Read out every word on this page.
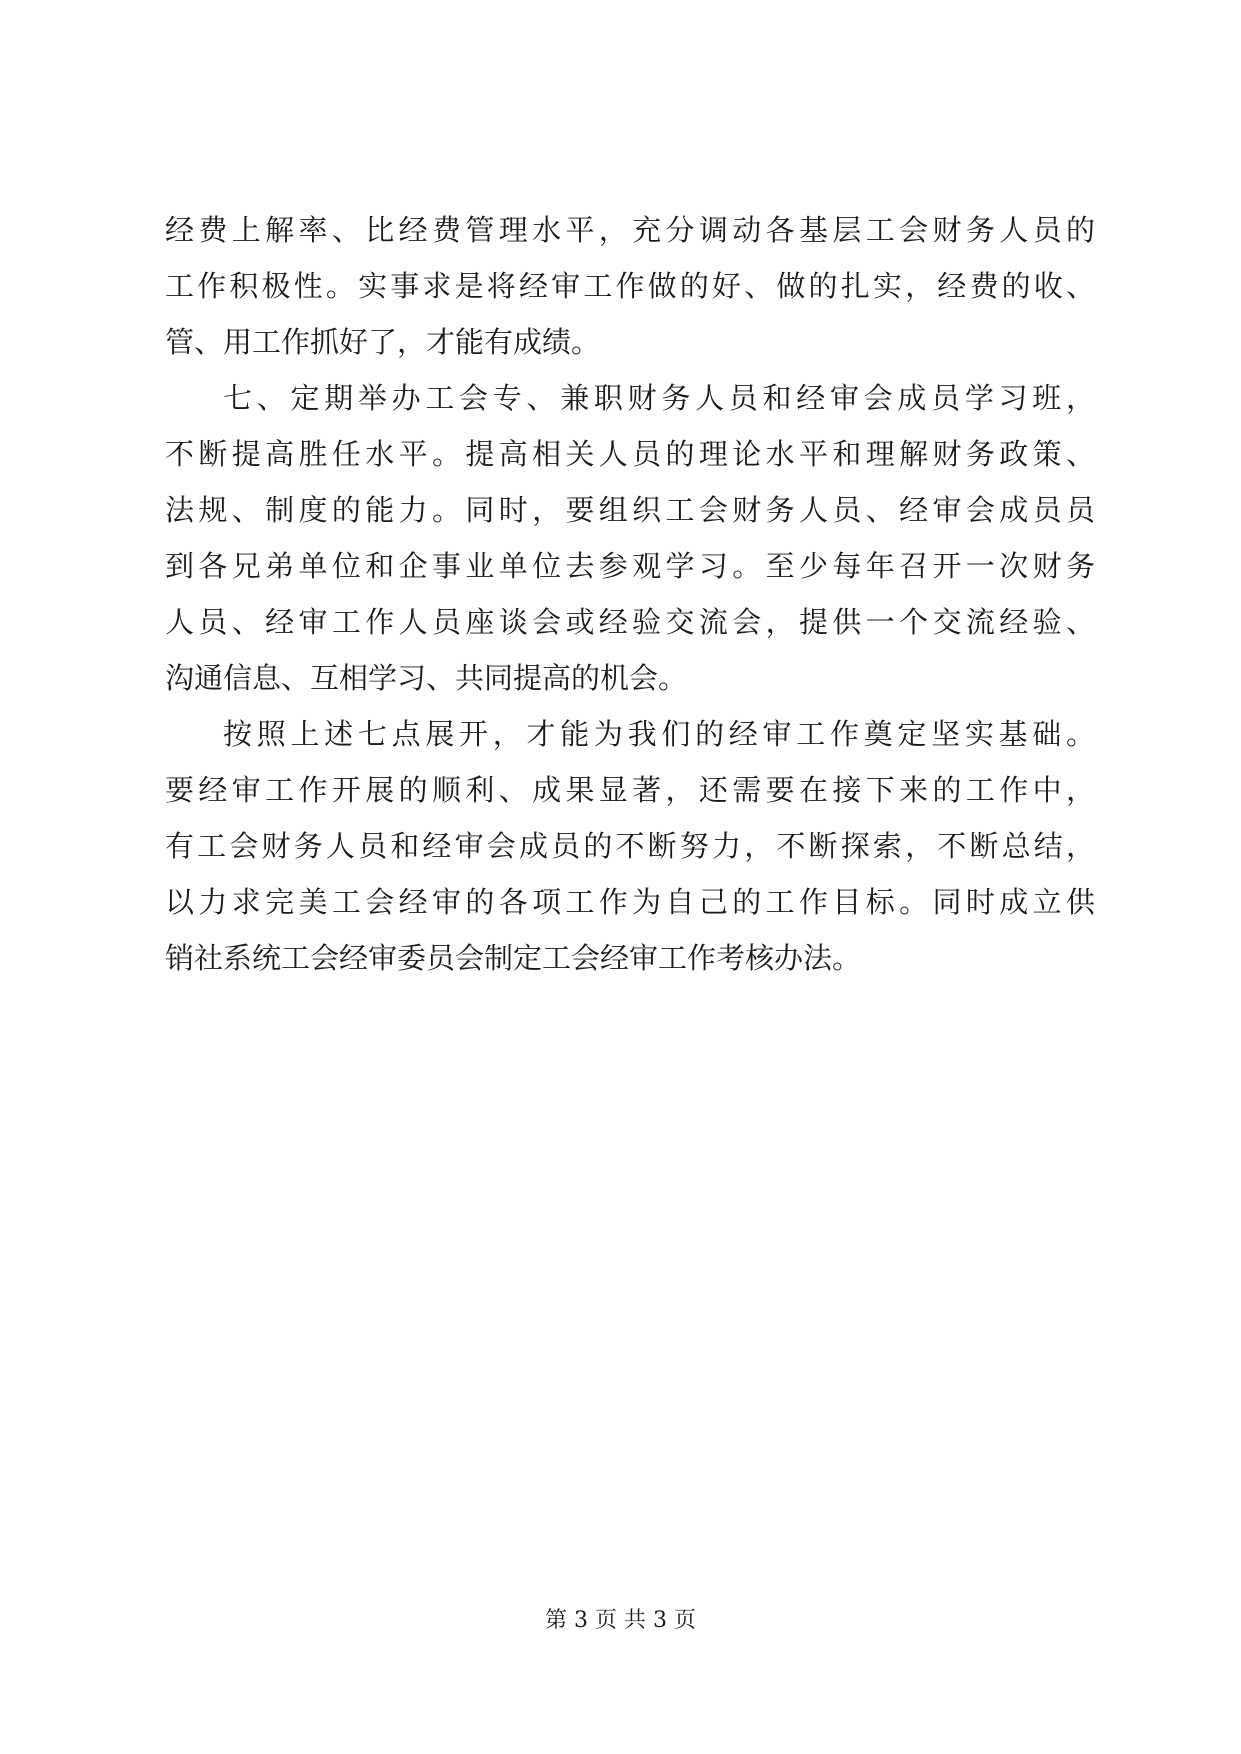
经费上解率、比经费管理水平，充分调动各基层工会财务人员的
工作积极性。实事求是将经审工作做的好、做的扎实，经费的收、
管、用工作抓好了，才能有成绩。
七、定期举办工会专、兼职财务人员和经审会成员学习班，
不断提高胜任水平。提高相关人员的理论水平和理解财务政策、
法规、制度的能力。同时，要组织工会财务人员、经审会成员员
到各兄弟单位和企事业单位去参观学习。至少每年召开一次财务
人员、经审工作人员座谈会或经验交流会，提供一个交流经验、
沟通信息、互相学习、共同提高的机会。
按照上述七点展开，才能为我们的经审工作奠定坚实基础。
要经审工作开展的顺利、成果显著，还需要在接下来的工作中，
有工会财务人员和经审会成员的不断努力，不断探索，不断总结，
以力求完美工会经审的各项工作为自己的工作目标。同时成立供
销社系统工会经审委员会制定工会经审工作考核办法。
第 3 页 共 3 页
